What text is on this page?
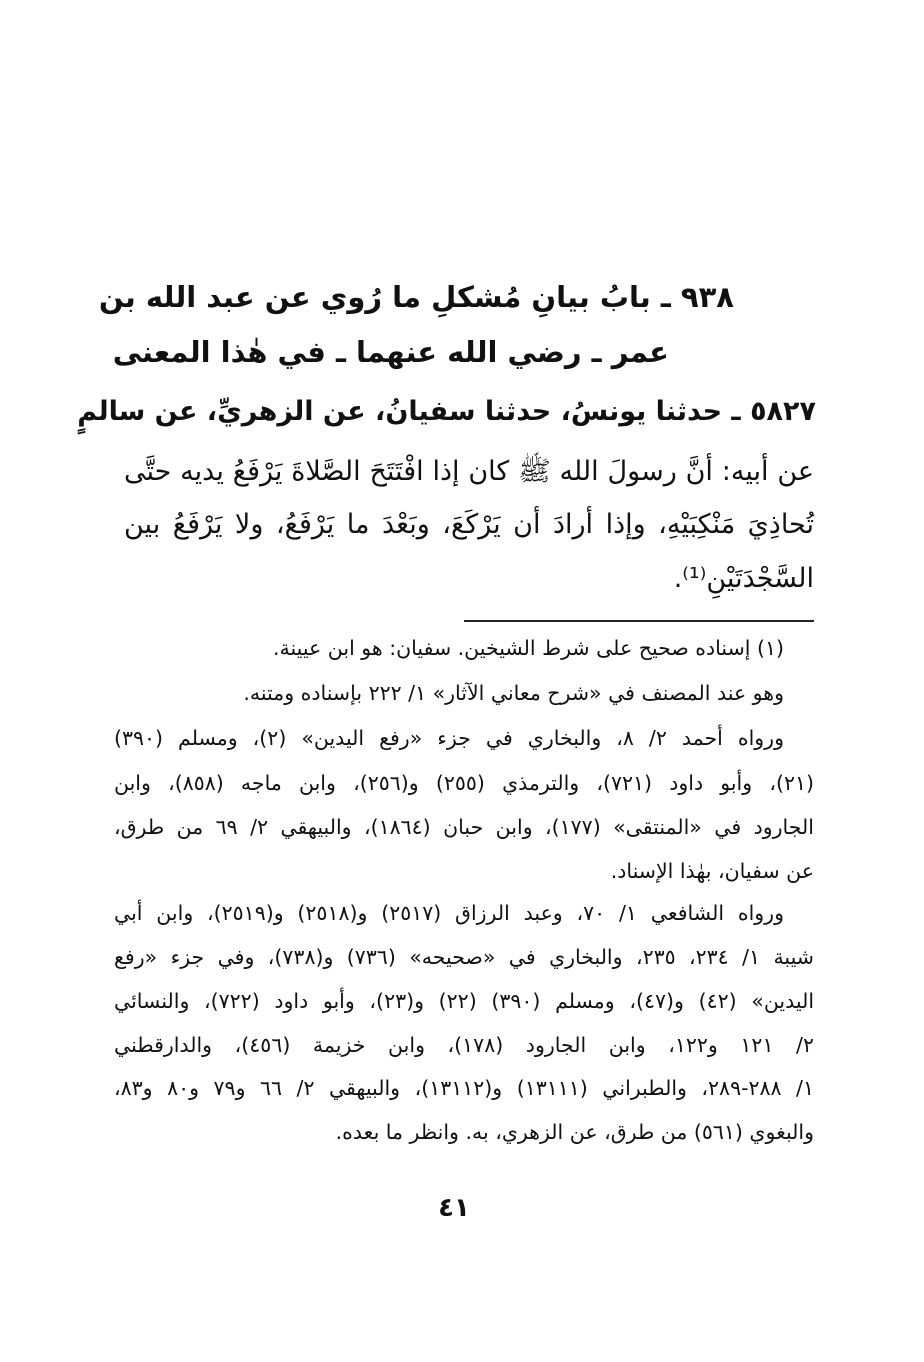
٩٣٨ ـ بابُ بيانِ مُشكلِ ما رُوي عن عبد الله بن
عمر ـ رضي الله عنهما ـ في هٰذا المعنى
٥٨٢٧ ـ حدثنا يونسُ، حدثنا سفيانُ، عن الزهريِّ، عن سالمٍ
عن أبيه: أنَّ رسولَ الله ﷺ كان إذا افْتَتَحَ الصَّلاةَ يَرْفَعُ يديه حتَّى
تُحاذِيَ مَنْكِبَيْهِ، وإذا أرادَ أن يَرْكَعَ، وبَعْدَ ما يَرْفَعُ، ولا يَرْفَعُ بين
السَّجْدَتَيْنِ⁽¹⁾.
(١) إسناده صحيح على شرط الشيخين. سفيان: هو ابن عيينة.
وهو عند المصنف في «شرح معاني الآثار» ١/ ٢٢٢ بإسناده ومتنه.
ورواه أحمد ٢/ ٨، والبخاري في جزء «رفع اليدين» (٢)، ومسلم (٣٩٠)
(٢١)، وأبو داود (٧٢١)، والترمذي (٢٥٥) و(٢٥٦)، وابن ماجه (٨٥٨)، وابن
الجارود في «المنتقى» (١٧٧)، وابن حبان (١٨٦٤)، والبيهقي ٢/ ٦٩ من طرق،
عن سفيان، بهٰذا الإسناد.
ورواه الشافعي ١/ ٧٠، وعبد الرزاق (٢٥١٧) و(٢٥١٨) و(٢٥١٩)، وابن أبي
شيبة ١/ ٢٣٤، ٢٣٥، والبخاري في «صحيحه» (٧٣٦) و(٧٣٨)، وفي جزء «رفع
اليدين» (٤٢) و(٤٧)، ومسلم (٣٩٠) (٢٢) و(٢٣)، وأبو داود (٧٢٢)، والنسائي
٢/ ١٢١ و١٢٢، وابن الجارود (١٧٨)، وابن خزيمة (٤٥٦)، والدارقطني
١/ ٢٨٨-٢٨٩، والطبراني (١٣١١١) و(١٣١١٢)، والبيهقي ٢/ ٦٦ و٧٩ و٨٠ و٨٣،
والبغوي (٥٦١) من طرق، عن الزهري، به. وانظر ما بعده.
٤١
